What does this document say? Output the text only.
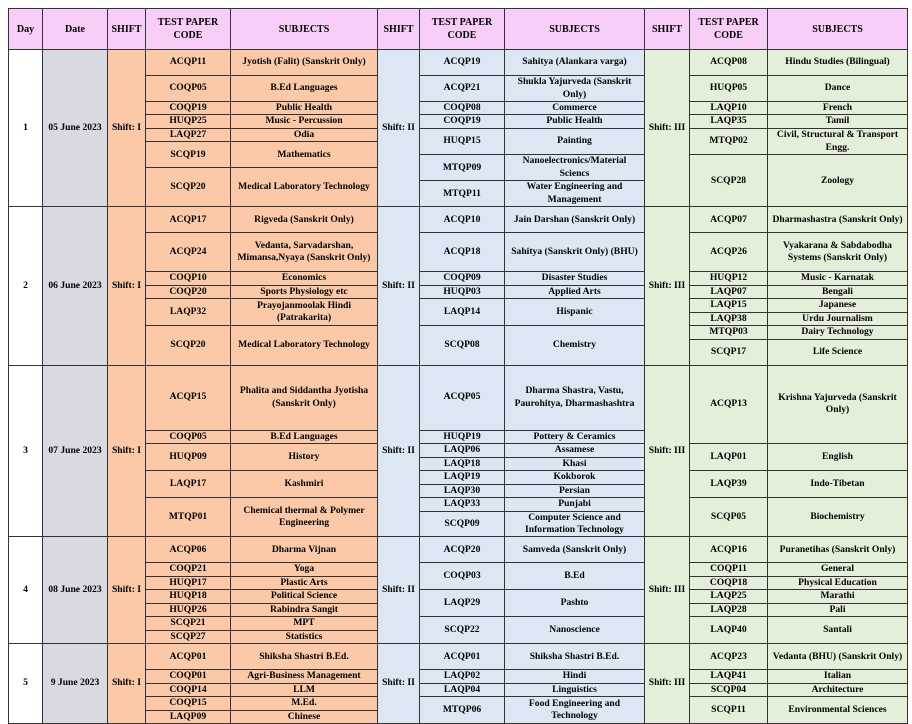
Day	Date	SHIFT	TEST PAPER CODE	SUBJECTS	SHIFT	TEST PAPER CODE	SUBJECTS	SHIFT	TEST PAPER CODE	SUBJECTS
1	05 June 2023	Shift: I	ACQP11	Jyotish (Falit) (Sanskrit Only)	Shift: II	ACQP19	Sahitya (Alankara varga)	Shift: III	ACQP08	Hindu Studies (Bilingual)

			COQP05	B.Ed Languages		ACQP21	Shukla Yajurveda (Sanskrit Only)		HUQP05	Dance

			COQP19	Public Health		COQP08	Commerce		LAQP10	French
			HUQP25	Music - Percussion		COQP19	Public Health		LAQP35	Tamil
			LAQP27	Odia		HUQP15	Painting		MTQP02	Civil, Structural & Transport Engg.
			SCQP19	Mathematics						
						MTQP09	Nanoelectronics/Material Sciencs		SCQP28	Zoology
			SCQP20	Medical Laboratory Technology						
						MTQP11	Water Engineering and Management			
2	06 June 2023	Shift: I	ACQP17	Rigveda (Sanskrit Only)	Shift: II	ACQP10	Jain Darshan (Sanskrit Only)	Shift: III	ACQP07	Dharmashastra (Sanskrit Only)

			ACQP24	Vedanta, Sarvadarshan, Mimansa,Nyaya (Sanskrit Only)		ACQP18	Sahitya (Sanskrit Only) (BHU)		ACQP26	Vyakarana & Sabdabodha Systems (Sanskrit Only)

			COQP10	Economics		COQP09	Disaster Studies		HUQP12	Music - Karnatak
			COQP20	Sports Physiology etc		HUQP03	Applied Arts		LAQP07	Bengali
			LAQP32	Prayojanmoolak Hindi (Patrakarita)		LAQP14	Hispanic		LAQP15	Japanese
									LAQP38	Urdu Journalism
			SCQP20	Medical Laboratory Technology		SCQP08	Chemistry		MTQP03	Dairy Technology
									SCQP17	Life Science

3	07 June 2023	Shift: I	ACQP15	Phalita and Siddantha Jyotisha (Sanskrit Only)	Shift: II	ACQP05	Dharma Shastra, Vastu, Paurohitya, Dharmashashtra	Shift: III	ACQP13	Krishna Yajurveda (Sanskrit Only)

			COQP05	B.Ed Languages		HUQP19	Pottery & Ceramics			
			HUQP09	History		LAQP06	Assamese		LAQP01	English
						LAQP18	Khasi			
			LAQP17	Kashmiri		LAQP19	Kokborok		LAQP39	Indo-Tibetan
						LAQP30	Persian			
			MTQP01	Chemical thermal & Polymer Engineering		LAQP33	Punjabi		SCQP05	Biochemistry
						SCQP09	Computer Science and Information Technology			

4	08 June 2023	Shift: I	ACQP06	Dharma Vijnan	Shift: II	ACQP20	Samveda (Sanskrit Only)	Shift: III	ACQP16	Puranetihas (Sanskrit Only)

			COQP21	Yoga		COQP03	B.Ed		COQP11	General
			HUQP17	Plastic Arts					COQP18	Physical Education
			HUQP18	Political Science		LAQP29	Pashto		LAQP25	Marathi
			HUQP26	Rabindra Sangit					LAQP28	Pali
			SCQP21	MPT		SCQP22	Nanoscience		LAQP40	Santali
			SCQP27	Statistics						
5	9 June 2023	Shift: I	ACQP01	Shiksha Shastri B.Ed.	Shift: II	ACQP01	Shiksha Shastri B.Ed.	Shift: III	ACQP23	Vedanta (BHU) (Sanskrit Only)

			COQP01	Agri-Business Management		LAQP02	Hindi		LAQP41	Italian
			COQP14	LLM		LAQP04	Linguistics		SCQP04	Architecture
			COQP15	M.Ed.		MTQP06	Food Engineering and Technology		SCQP11	Environmental Sciences
			LAQP09	Chinese						
